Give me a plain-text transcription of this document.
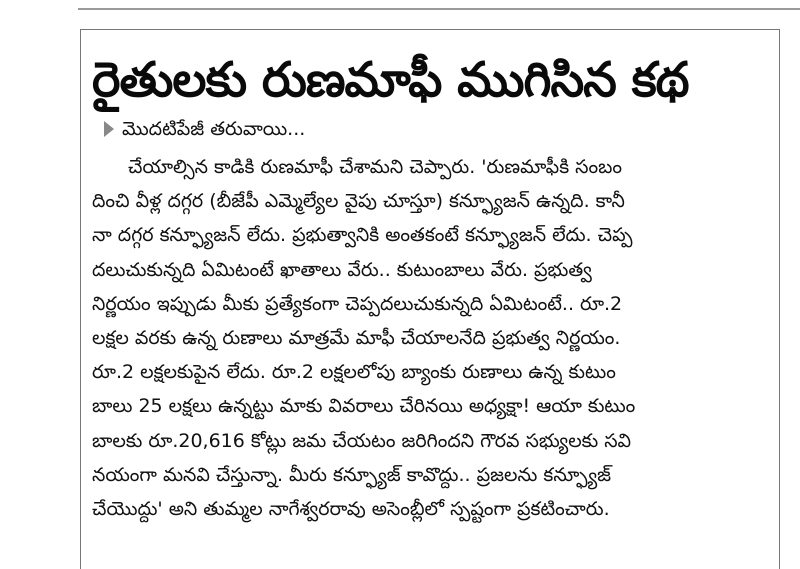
రైతులకు రుణమాఫీ ముగిసిన కథ
మొదటిపేజీ తరువాయి...
చేయాల్సిన కాడికి రుణమాఫీ చేశామని చెప్పారు. 'రుణమాఫీకి సంబం
దించి వీళ్ల దగ్గర (బీజేపీ ఎమ్మెల్యేల వైపు చూస్తూ) కన్ఫ్యూజన్ ఉన్నది. కానీ
నా దగ్గర కన్ఫ్యూజన్ లేదు. ప్రభుత్వానికి అంతకంటే కన్ఫ్యూజన్ లేదు. చెప్ప
దలుచుకున్నది ఏమిటంటే ఖాతాలు వేరు.. కుటుంబాలు వేరు. ప్రభుత్వ
నిర్ణయం ఇప్పుడు మీకు ప్రత్యేకంగా చెప్పదలుచుకున్నది ఏమిటంటే.. రూ.2
లక్షల వరకు ఉన్న రుణాలు మాత్రమే మాఫీ చేయాలనేది ప్రభుత్వ నిర్ణయం.
రూ.2 లక్షలకుపైన లేదు. రూ.2 లక్షలలోపు బ్యాంకు రుణాలు ఉన్న కుటుం
బాలు 25 లక్షలు ఉన్నట్టు మాకు వివరాలు చేరినయి అధ్యక్షా! ఆయా కుటుం
బాలకు రూ.20,616 కోట్లు జమ చేయటం జరిగిందని గౌరవ సభ్యులకు సవి
నయంగా మనవి చేస్తున్నా. మీరు కన్ఫ్యూజ్ కావొద్దు.. ప్రజలను కన్ఫ్యూజ్
చేయొద్దు' అని తుమ్మల నాగేశ్వరరావు అసెంబ్లీలో స్పష్టంగా ప్రకటించారు.
